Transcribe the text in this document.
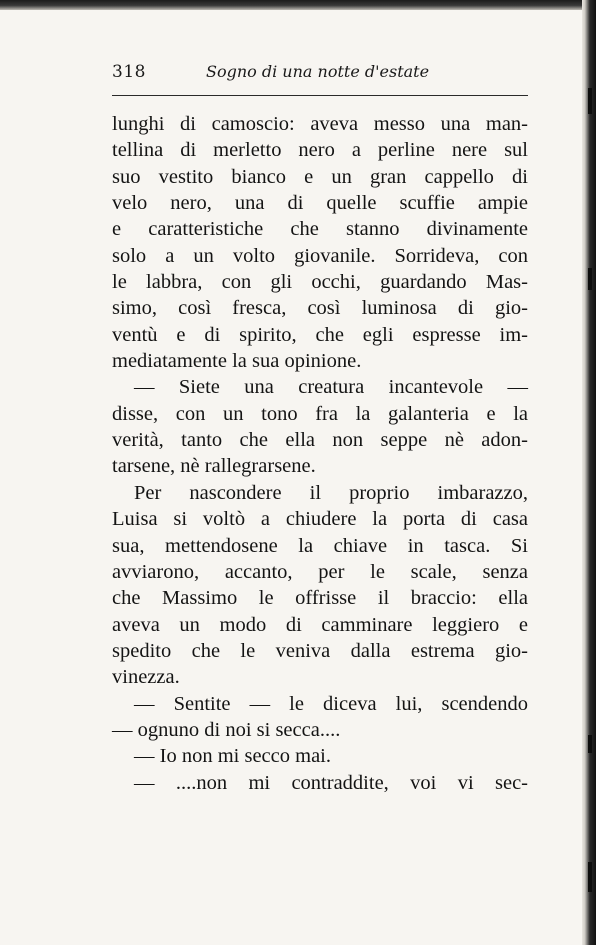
318	Sogno di una notte d'estate
lunghi di camoscio: aveva messo una man-
tellina di merletto nero a perline nere sul
suo vestito bianco e un gran cappello di
velo nero, una di quelle scuffie ampie
e caratteristiche che stanno divinamente
solo a un volto giovanile. Sorrideva, con
le labbra, con gli occhi, guardando Mas-
simo, così fresca, così luminosa di gio-
ventù e di spirito, che egli espresse im-
mediatamente la sua opinione.
— Siete una creatura incantevole —
disse, con un tono fra la galanteria e la
verità, tanto che ella non seppe nè adon-
tarsene, nè rallegrarsene.
Per nascondere il proprio imbarazzo,
Luisa si voltò a chiudere la porta di casa
sua, mettendosene la chiave in tasca. Si
avviarono, accanto, per le scale, senza
che Massimo le offrisse il braccio: ella
aveva un modo di camminare leggiero e
spedito che le veniva dalla estrema gio-
vinezza.
— Sentite — le diceva lui, scendendo
— ognuno di noi si secca....
— Io non mi secco mai.
— ....non mi contraddite, voi vi sec-
